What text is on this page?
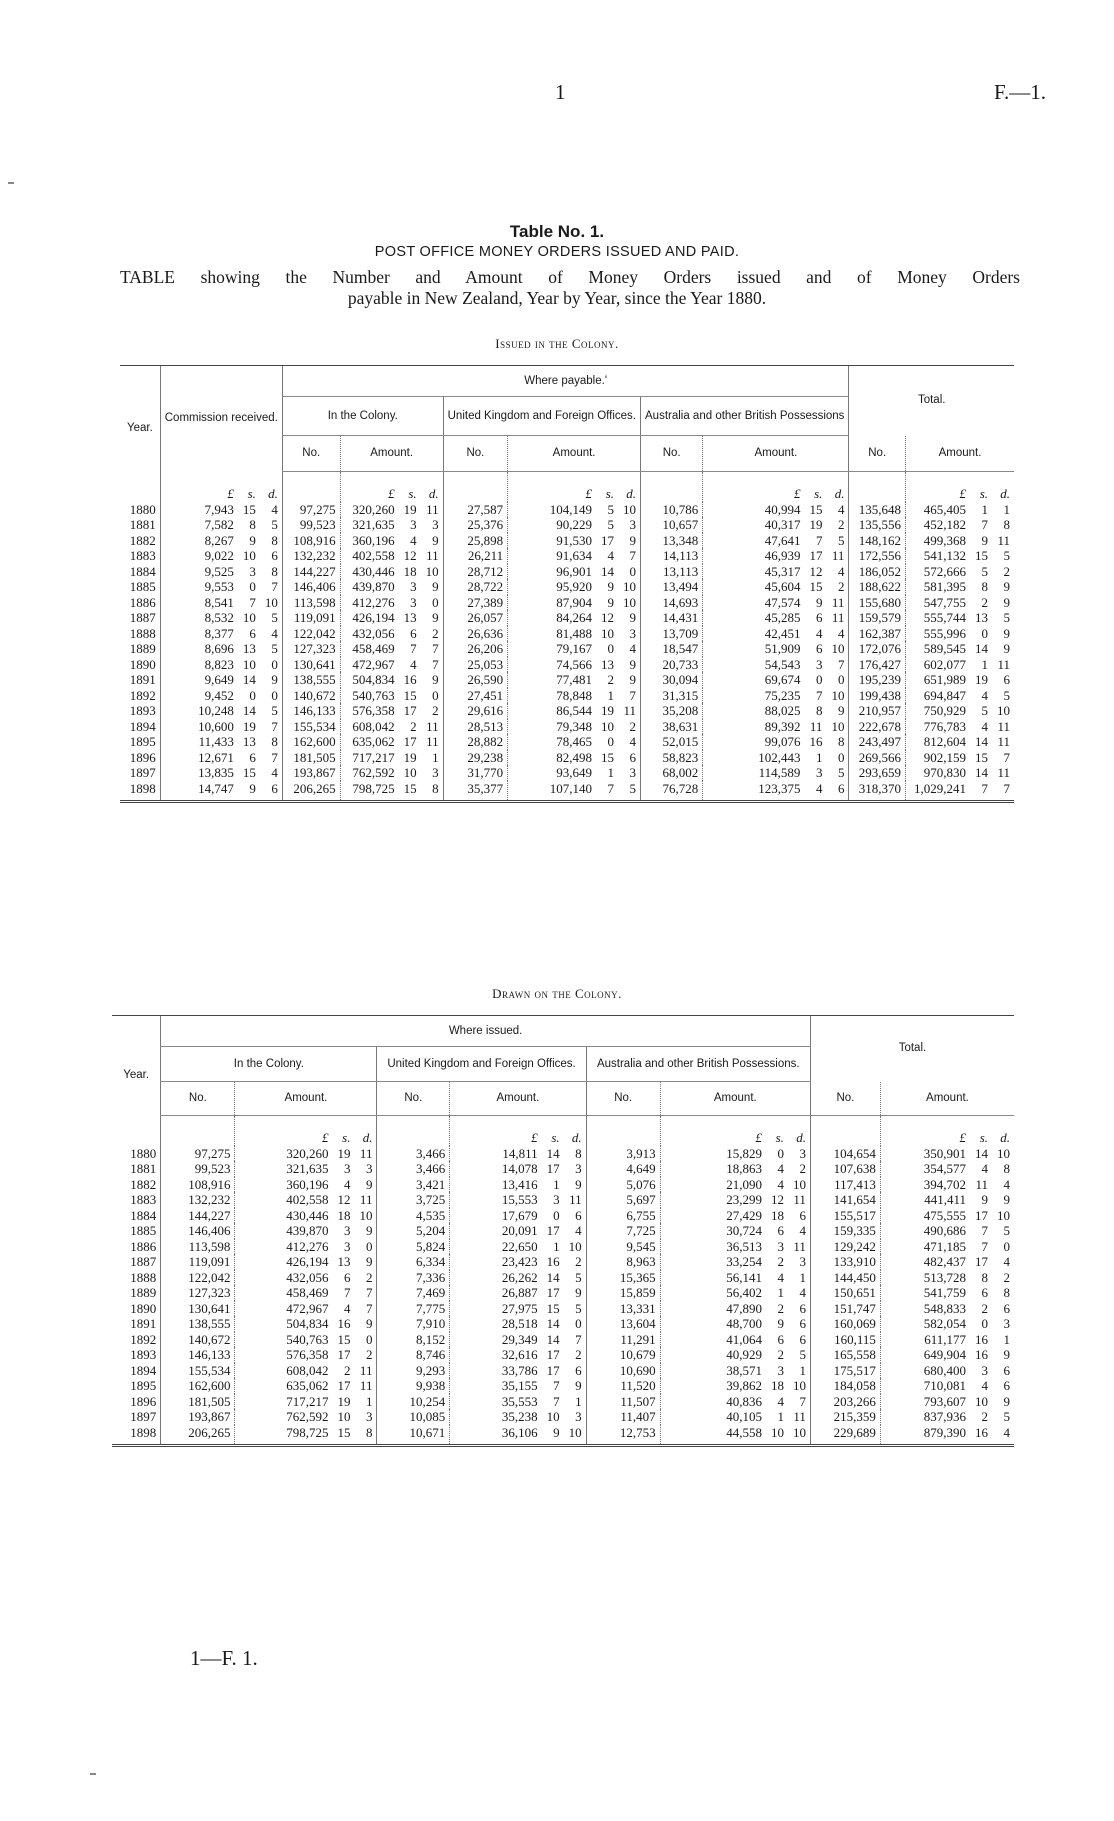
1	F.—1.
Table No. 1.
POST OFFICE MONEY ORDERS ISSUED AND PAID.
TABLE showing the Number and Amount of Money Orders issued and of Money Orders
payable in New Zealand, Year by Year, since the Year 1880.
Issued in the Colony.
Year.	Commission received.	Where payable.'						Total.	
		In the Colony.		United Kingdom and Foreign Offices.		Australia and other British Possessions			
		No.	Amount.	No.	Amount.	No.	Amount.	No.	Amount.
	£ s. d.		£ s. d.		£ s. d.		£ s. d.		£ s. d.
1880	7,943 15 4	97,275	320,260 19 11	27,587	104,149 5 10	10,786	40,994 15 4	135,648	465,405 1 1
1881	7,582 8 5	99,523	321,635 3 3	25,376	90,229 5 3	10,657	40,317 19 2	135,556	452,182 7 8
1882	8,267 9 8	108,916	360,196 4 9	25,898	91,530 17 9	13,348	47,641 7 5	148,162	499,368 9 11
1883	9,022 10 6	132,232	402,558 12 11	26,211	91,634 4 7	14,113	46,939 17 11	172,556	541,132 15 5
1884	9,525 3 8	144,227	430,446 18 10	28,712	96,901 14 0	13,113	45,317 12 4	186,052	572,666 5 2
1885	9,553 0 7	146,406	439,870 3 9	28,722	95,920 9 10	13,494	45,604 15 2	188,622	581,395 8 9
1886	8,541 7 10	113,598	412,276 3 0	27,389	87,904 9 10	14,693	47,574 9 11	155,680	547,755 2 9
1887	8,532 10 5	119,091	426,194 13 9	26,057	84,264 12 9	14,431	45,285 6 11	159,579	555,744 13 5
1888	8,377 6 4	122,042	432,056 6 2	26,636	81,488 10 3	13,709	42,451 4 4	162,387	555,996 0 9
1889	8,696 13 5	127,323	458,469 7 7	26,206	79,167 0 4	18,547	51,909 6 10	172,076	589,545 14 9
1890	8,823 10 0	130,641	472,967 4 7	25,053	74,566 13 9	20,733	54,543 3 7	176,427	602,077 1 11
1891	9,649 14 9	138,555	504,834 16 9	26,590	77,481 2 9	30,094	69,674 0 0	195,239	651,989 19 6
1892	9,452 0 0	140,672	540,763 15 0	27,451	78,848 1 7	31,315	75,235 7 10	199,438	694,847 4 5
1893	10,248 14 5	146,133	576,358 17 2	29,616	86,544 19 11	35,208	88,025 8 9	210,957	750,929 5 10
1894	10,600 19 7	155,534	608,042 2 11	28,513	79,348 10 2	38,631	89,392 11 10	222,678	776,783 4 11
1895	11,433 13 8	162,600	635,062 17 11	28,882	78,465 0 4	52,015	99,076 16 8	243,497	812,604 14 11
1896	12,671 6 7	181,505	717,217 19 1	29,238	82,498 15 6	58,823	102,443 1 0	269,566	902,159 15 7
1897	13,835 15 4	193,867	762,592 10 3	31,770	93,649 1 3	68,002	114,589 3 5	293,659	970,830 14 11
1898	14,747 9 6	206,265	798,725 15 8	35,377	107,140 7 5	76,728	123,375 4 6	318,370	1,029,241 7 7
Drawn on the Colony.
Year.	Where issued.						Total.	
	In the Colony.		United Kingdom and Foreign Offices.		Australia and other British Possessions.			
	No.	Amount.	No.	Amount.	No.	Amount.	No.	Amount.
		£ s. d.		£ s. d.		£ s. d.		£ s. d.
1880	97,275	320,260 19 11	3,466	14,811 14 8	3,913	15,829 0 3	104,654	350,901 14 10
1881	99,523	321,635 3 3	3,466	14,078 17 3	4,649	18,863 4 2	107,638	354,577 4 8
1882	108,916	360,196 4 9	3,421	13,416 1 9	5,076	21,090 4 10	117,413	394,702 11 4
1883	132,232	402,558 12 11	3,725	15,553 3 11	5,697	23,299 12 11	141,654	441,411 9 9
1884	144,227	430,446 18 10	4,535	17,679 0 6	6,755	27,429 18 6	155,517	475,555 17 10
1885	146,406	439,870 3 9	5,204	20,091 17 4	7,725	30,724 6 4	159,335	490,686 7 5
1886	113,598	412,276 3 0	5,824	22,650 1 10	9,545	36,513 3 11	129,242	471,185 7 0
1887	119,091	426,194 13 9	6,334	23,423 16 2	8,963	33,254 2 3	133,910	482,437 17 4
1888	122,042	432,056 6 2	7,336	26,262 14 5	15,365	56,141 4 1	144,450	513,728 8 2
1889	127,323	458,469 7 7	7,469	26,887 17 9	15,859	56,402 1 4	150,651	541,759 6 8
1890	130,641	472,967 4 7	7,775	27,975 15 5	13,331	47,890 2 6	151,747	548,833 2 6
1891	138,555	504,834 16 9	7,910	28,518 14 0	13,604	48,700 9 6	160,069	582,054 0 3
1892	140,672	540,763 15 0	8,152	29,349 14 7	11,291	41,064 6 6	160,115	611,177 16 1
1893	146,133	576,358 17 2	8,746	32,616 17 2	10,679	40,929 2 5	165,558	649,904 16 9
1894	155,534	608,042 2 11	9,293	33,786 17 6	10,690	38,571 3 1	175,517	680,400 3 6
1895	162,600	635,062 17 11	9,938	35,155 7 9	11,520	39,862 18 10	184,058	710,081 4 6
1896	181,505	717,217 19 1	10,254	35,553 7 1	11,507	40,836 4 7	203,266	793,607 10 9
1897	193,867	762,592 10 3	10,085	35,238 10 3	11,407	40,105 1 11	215,359	837,936 2 5
1898	206,265	798,725 15 8	10,671	36,106 9 10	12,753	44,558 10 10	229,689	879,390 16 4
1—F. 1.
